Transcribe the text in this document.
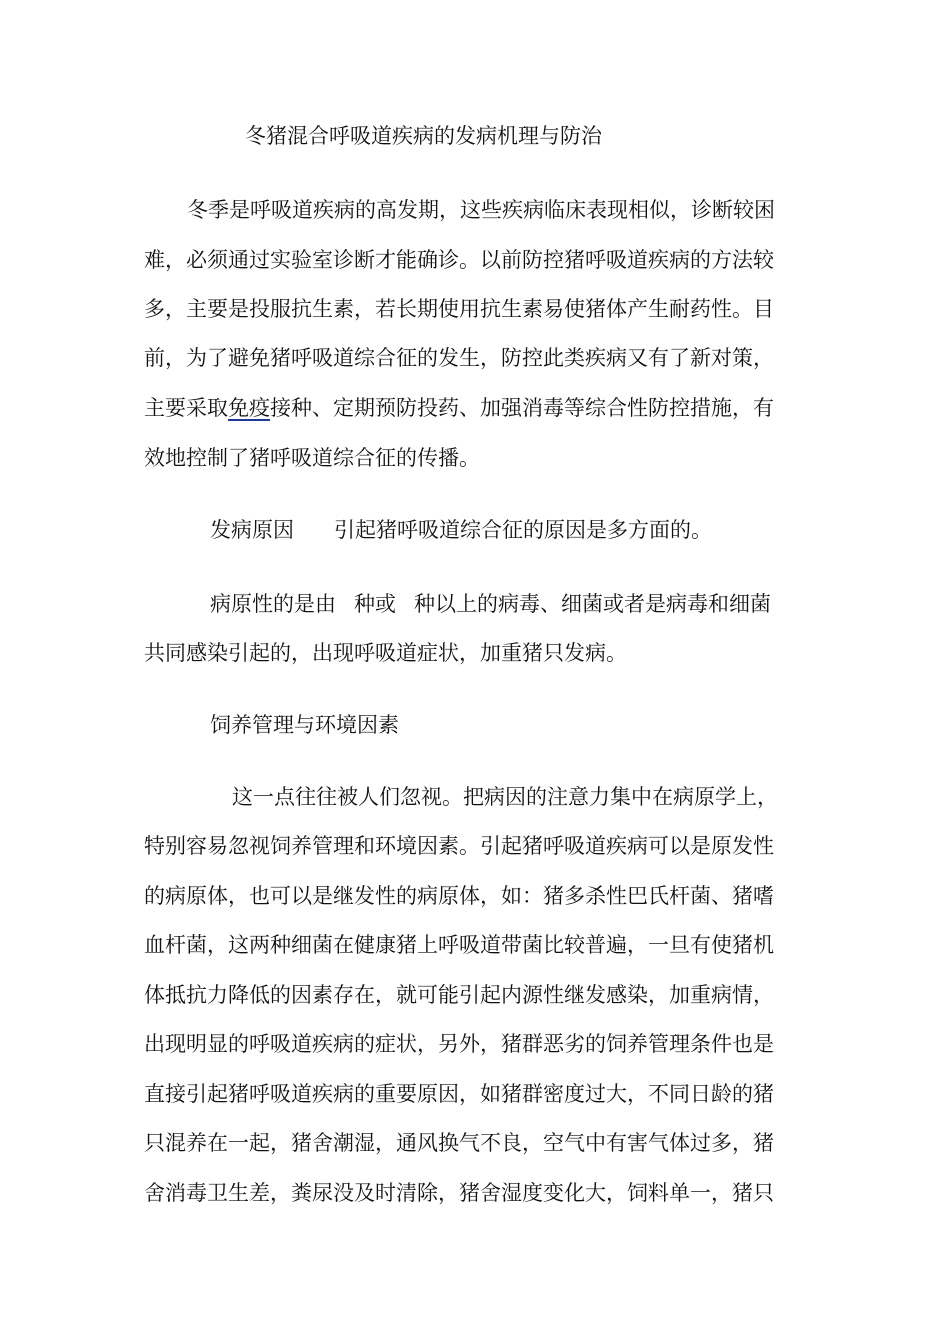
冬猪混合呼吸道疾病的发病机理与防治
冬季是呼吸道疾病的高发期，这些疾病临床表现相似，诊断较困
难，必须通过实验室诊断才能确诊。以前防控猪呼吸道疾病的方法较
多，主要是投服抗生素，若长期使用抗生素易使猪体产生耐药性。目
前，为了避免猪呼吸道综合征的发生，防控此类疾病又有了新对策，
主要采取免疫接种、定期预防投药、加强消毒等综合性防控措施，有
效地控制了猪呼吸道综合征的传播。
发病原因 引起猪呼吸道综合征的原因是多方面的。
病原性的是由 种或 种以上的病毒、细菌或者是病毒和细菌
共同感染引起的，出现呼吸道症状，加重猪只发病。
饲养管理与环境因素
这一点往往被人们忽视。把病因的注意力集中在病原学上，
特别容易忽视饲养管理和环境因素。引起猪呼吸道疾病可以是原发性
的病原体，也可以是继发性的病原体，如：猪多杀性巴氏杆菌、猪嗜
血杆菌，这两种细菌在健康猪上呼吸道带菌比较普遍，一旦有使猪机
体抵抗力降低的因素存在，就可能引起内源性继发感染，加重病情，
出现明显的呼吸道疾病的症状，另外，猪群恶劣的饲养管理条件也是
直接引起猪呼吸道疾病的重要原因，如猪群密度过大，不同日龄的猪
只混养在一起，猪舍潮湿，通风换气不良，空气中有害气体过多，猪
舍消毒卫生差，粪尿没及时清除，猪舍湿度变化大，饲料单一，猪只
